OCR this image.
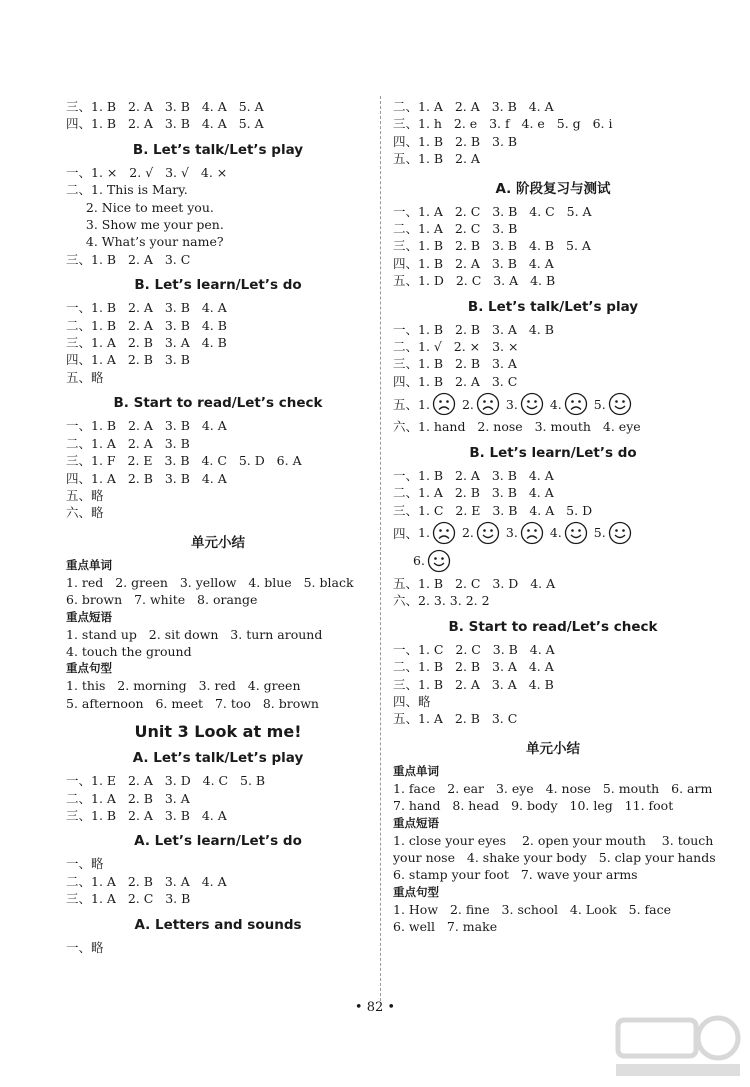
三、1. B   2. A   3. B   4. A   5. A
四、1. B   2. A   3. B   4. A   5. A
B. Let’s talk/Let’s play
一、1. ×   2. √   3. √   4. ×
二、1. This is Mary.
2. Nice to meet you.
3. Show me your pen.
4. What’s your name?
三、1. B   2. A   3. C
B. Let’s learn/Let’s do
一、1. B   2. A   3. B   4. A
二、1. B   2. A   3. B   4. B
三、1. A   2. B   3. A   4. B
四、1. A   2. B   3. B
五、略
B. Start to read/Let’s check
一、1. B   2. A   3. B   4. A
二、1. A   2. A   3. B
三、1. F   2. E   3. B   4. C   5. D   6. A
四、1. A   2. B   3. B   4. A
五、略
六、略
单元小结
重点单词
1. red   2. green   3. yellow   4. blue   5. black
6. brown   7. white   8. orange
重点短语
1. stand up   2. sit down   3. turn around
4. touch the ground
重点句型
1. this   2. morning   3. red   4. green
5. afternoon   6. meet   7. too   8. brown
Unit 3 Look at me!
A. Let’s talk/Let’s play
一、1. E   2. A   3. D   4. C   5. B
二、1. A   2. B   3. A
三、1. B   2. A   3. B   4. A
A. Let’s learn/Let’s do
一、略
二、1. A   2. B   3. A   4. A
三、1. A   2. C   3. B
A. Letters and sounds
一、略
二、1. A   2. A   3. B   4. A
三、1. h   2. e   3. f   4. e   5. g   6. i
四、1. B   2. B   3. B
五、1. B   2. A
A. 阶段复习与测试
一、1. A   2. C   3. B   4. C   5. A
二、1. A   2. C   3. B
三、1. B   2. B   3. B   4. B   5. A
四、1. B   2. A   3. B   4. A
五、1. D   2. C   3. A   4. B
B. Let’s talk/Let’s play
一、1. B   2. B   3. A   4. B
二、1. √   2. ×   3. ×
三、1. B   2. B   3. A
四、1. B   2. A   3. C
五、 1.	2.	3.	4.	5.
六、1. hand   2. nose   3. mouth   4. eye
B. Let’s learn/Let’s do
一、1. B   2. A   3. B   4. A
二、1. A   2. B   3. B   4. A
三、1. C   2. E   3. B   4. A   5. D
四、 1.	2.	3.	4.	5.
6.
五、1. B   2. C   3. D   4. A
六、2. 3. 3. 2. 2
B. Start to read/Let’s check
一、1. C   2. C   3. B   4. A
二、1. B   2. B   3. A   4. A
三、1. B   2. A   3. A   4. B
四、略
五、1. A   2. B   3. C
单元小结
重点单词
1. face   2. ear   3. eye   4. nose   5. mouth   6. arm
7. hand   8. head   9. body   10. leg   11. foot
重点短语
1. close your eyes    2. open your mouth    3. touch
your nose   4. shake your body   5. clap your hands
6. stamp your foot   7. wave your arms
重点句型
1. How   2. fine   3. school   4. Look   5. face
6. well   7. make
• 82 •
